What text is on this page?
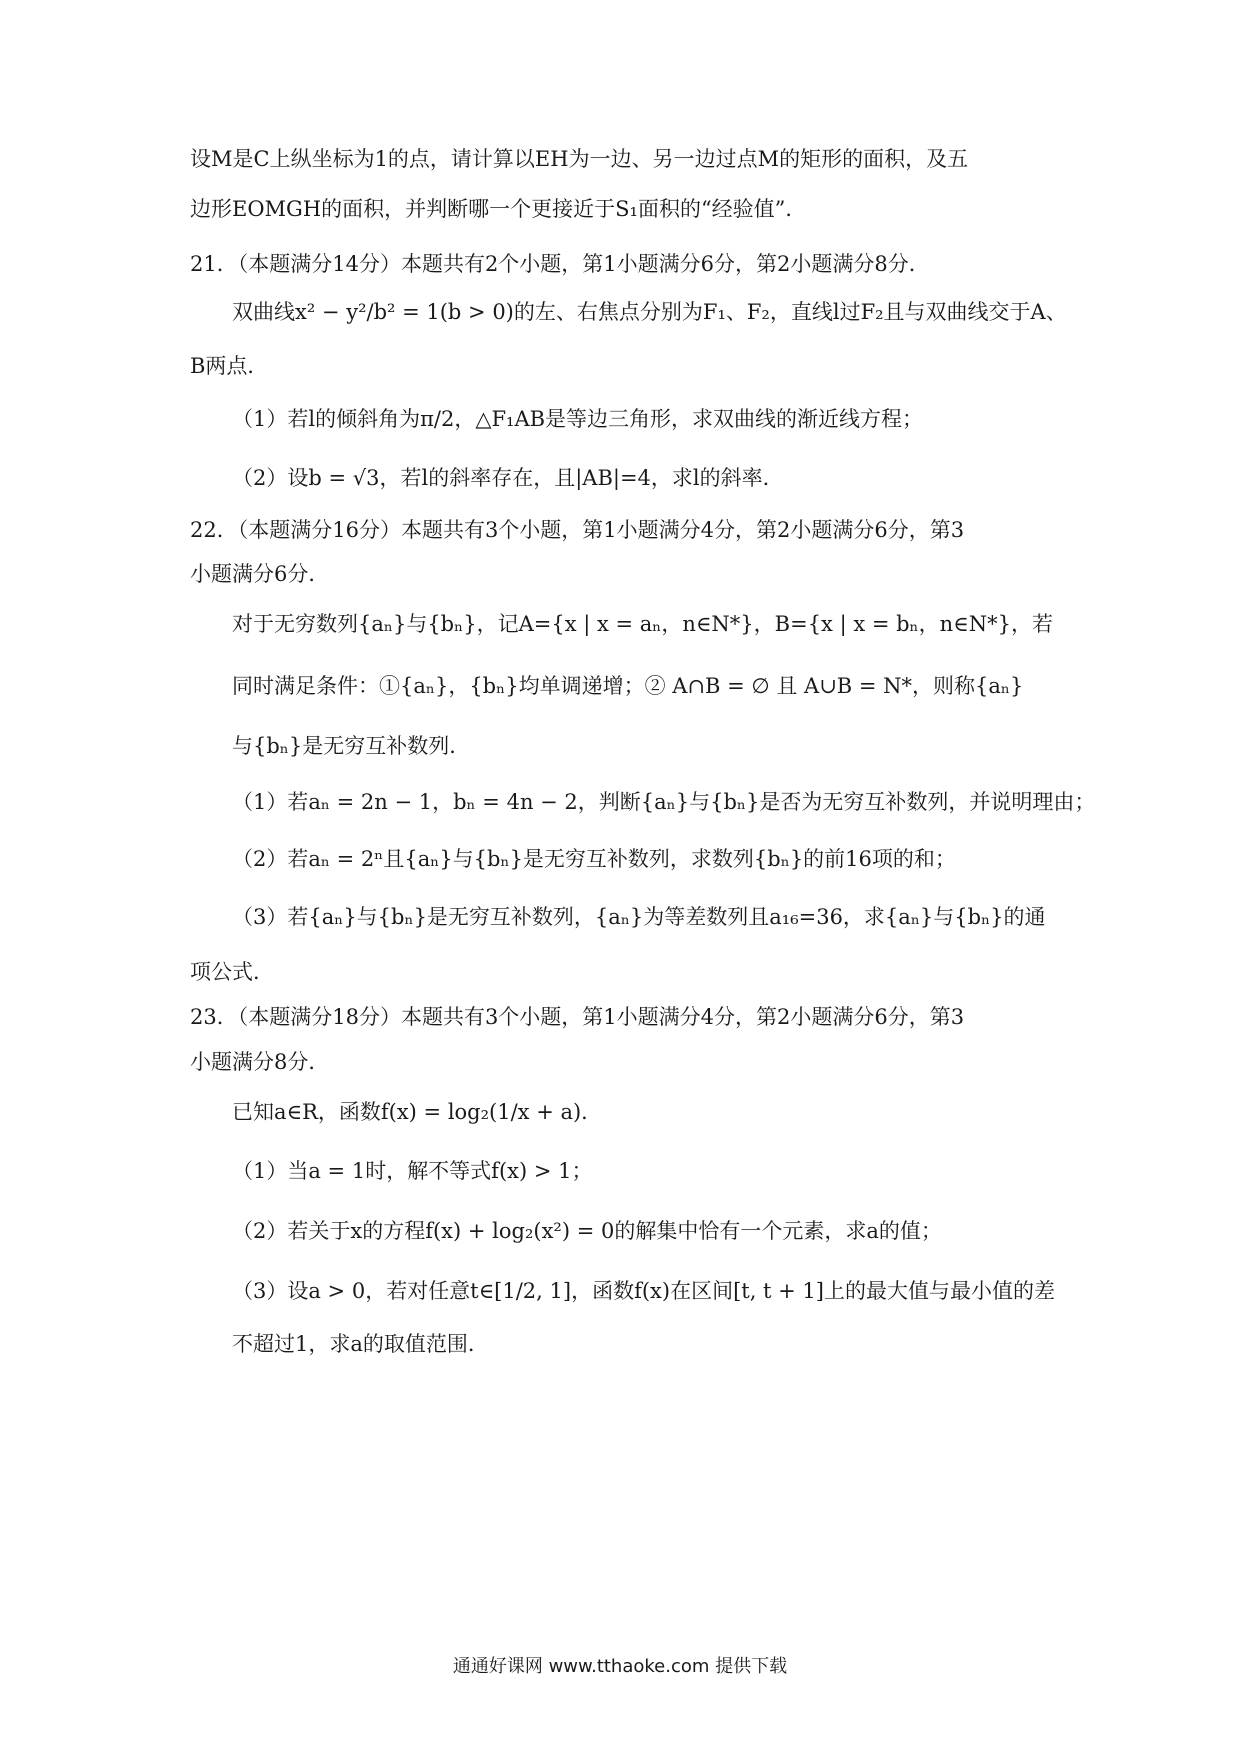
设M是C上纵坐标为1的点，请计算以EH为一边、另一边过点M的矩形的面积，及五
边形EOMGH的面积，并判断哪一个更接近于S₁面积的“经验值”．
21．（本题满分14分）本题共有2个小题，第1小题满分6分，第2小题满分8分．
双曲线x² − y²/b² = 1(b > 0)的左、右焦点分别为F₁、F₂，直线l过F₂且与双曲线交于A、
B两点．
（1）若l的倾斜角为π/2，△F₁AB是等边三角形，求双曲线的渐近线方程；
（2）设b = √3，若l的斜率存在，且|AB|=4，求l的斜率．
22．（本题满分16分）本题共有3个小题，第1小题满分4分，第2小题满分6分，第3
小题满分6分．
对于无穷数列{aₙ}与{bₙ}，记A={x | x = aₙ，n∈N*}，B={x | x = bₙ，n∈N*}，若
同时满足条件：①{aₙ}，{bₙ}均单调递增；② A∩B = ∅ 且 A∪B = N*，则称{aₙ}
与{bₙ}是无穷互补数列．
（1）若aₙ = 2n − 1，bₙ = 4n − 2，判断{aₙ}与{bₙ}是否为无穷互补数列，并说明理由；
（2）若aₙ = 2ⁿ且{aₙ}与{bₙ}是无穷互补数列，求数列{bₙ}的前16项的和；
（3）若{aₙ}与{bₙ}是无穷互补数列，{aₙ}为等差数列且a₁₆=36，求{aₙ}与{bₙ}的通
项公式．
23．（本题满分18分）本题共有3个小题，第1小题满分4分，第2小题满分6分，第3
小题满分8分．
已知a∈R，函数f(x) = log₂(1/x + a)．
（1）当a = 1时，解不等式f(x) > 1；
（2）若关于x的方程f(x) + log₂(x²) = 0的解集中恰有一个元素，求a的值；
（3）设a > 0，若对任意t∈[1/2, 1]，函数f(x)在区间[t, t + 1]上的最大值与最小值的差
不超过1，求a的取值范围．
通通好课网 www.tthaoke.com 提供下载
